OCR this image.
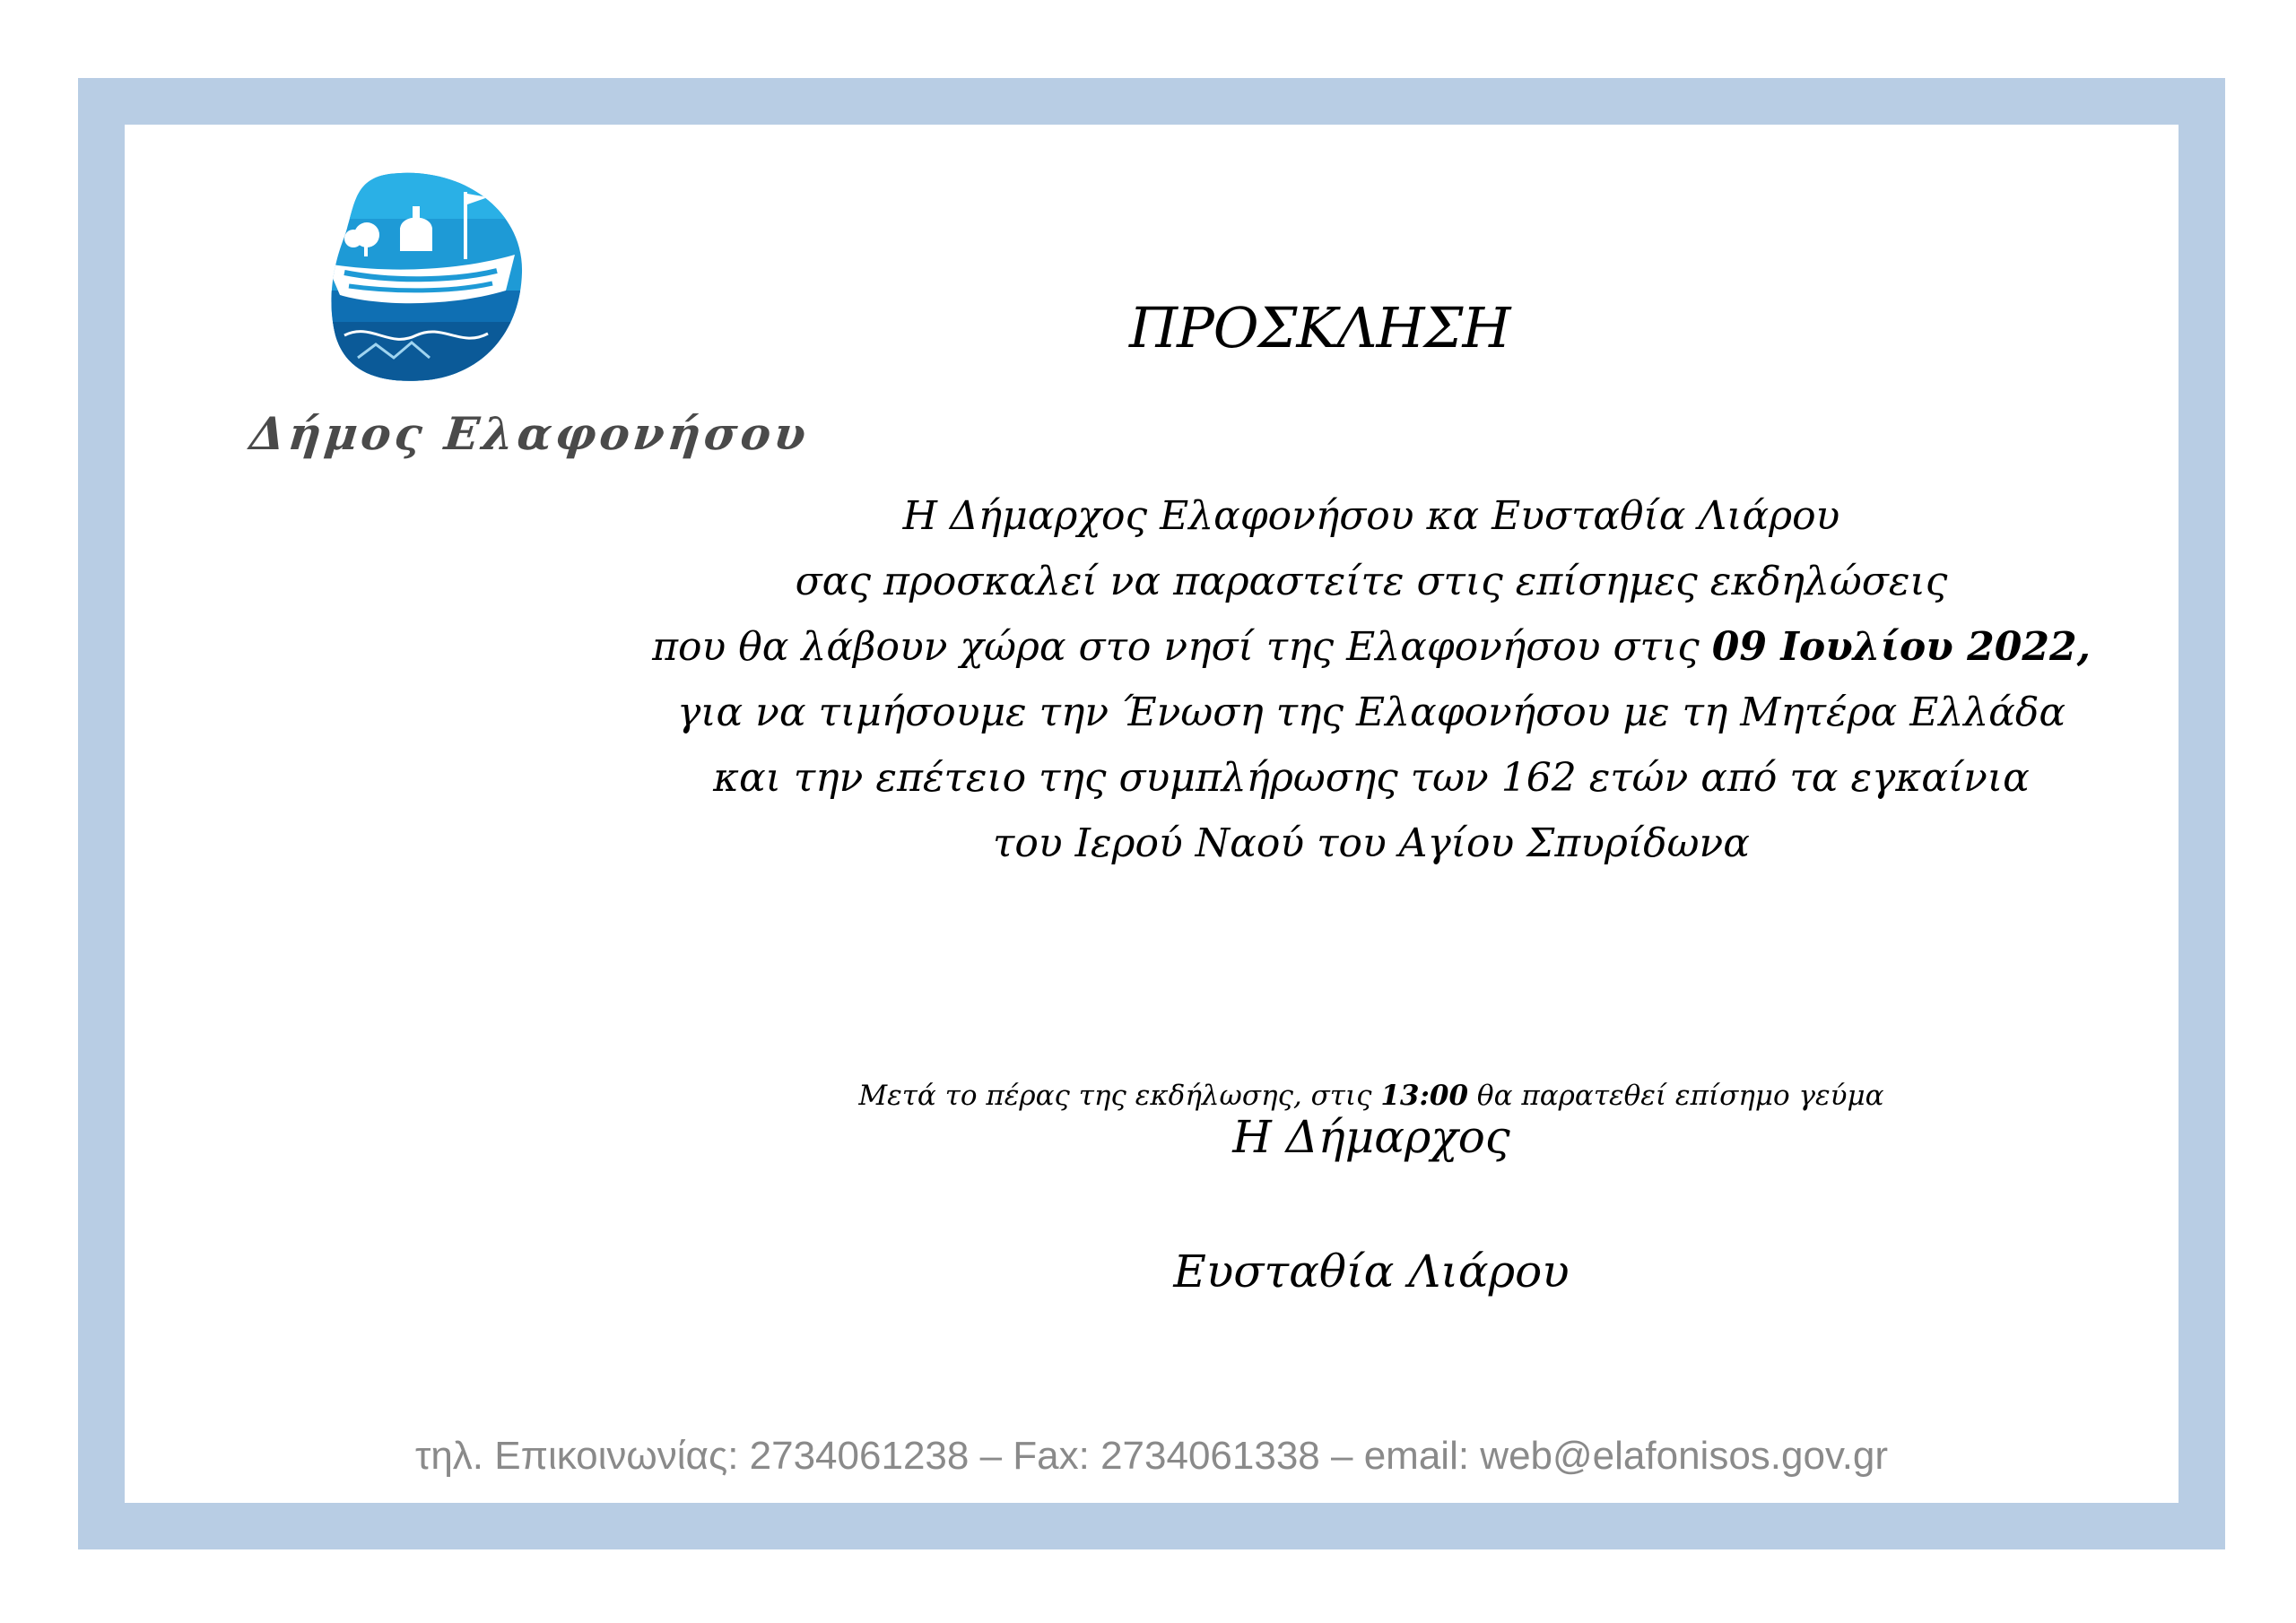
Δήμος Ελαφονήσου
ΠΡΟΣΚΛΗΣΗ
Η Δήμαρχος Ελαφονήσου κα Ευσταθία Λιάρου
σας προσκαλεί να παραστείτε στις επίσημες εκδηλώσεις
που θα λάβουν χώρα στο νησί της Ελαφονήσου στις 09 Ιουλίου 2022,
για να τιμήσουμε την Ένωση της Ελαφονήσου με τη Μητέρα Ελλάδα
και την επέτειο της συμπλήρωσης των 162 ετών από τα εγκαίνια
του Ιερού Ναού του Αγίου Σπυρίδωνα
Μετά το πέρας της εκδήλωσης, στις 13:00 θα παρατεθεί επίσημο γεύμα
Η Δήμαρχος
Ευσταθία Λιάρου
τηλ. Επικοινωνίας: 2734061238 – Fax: 2734061338 – email: web@elafonisos.gov.gr
